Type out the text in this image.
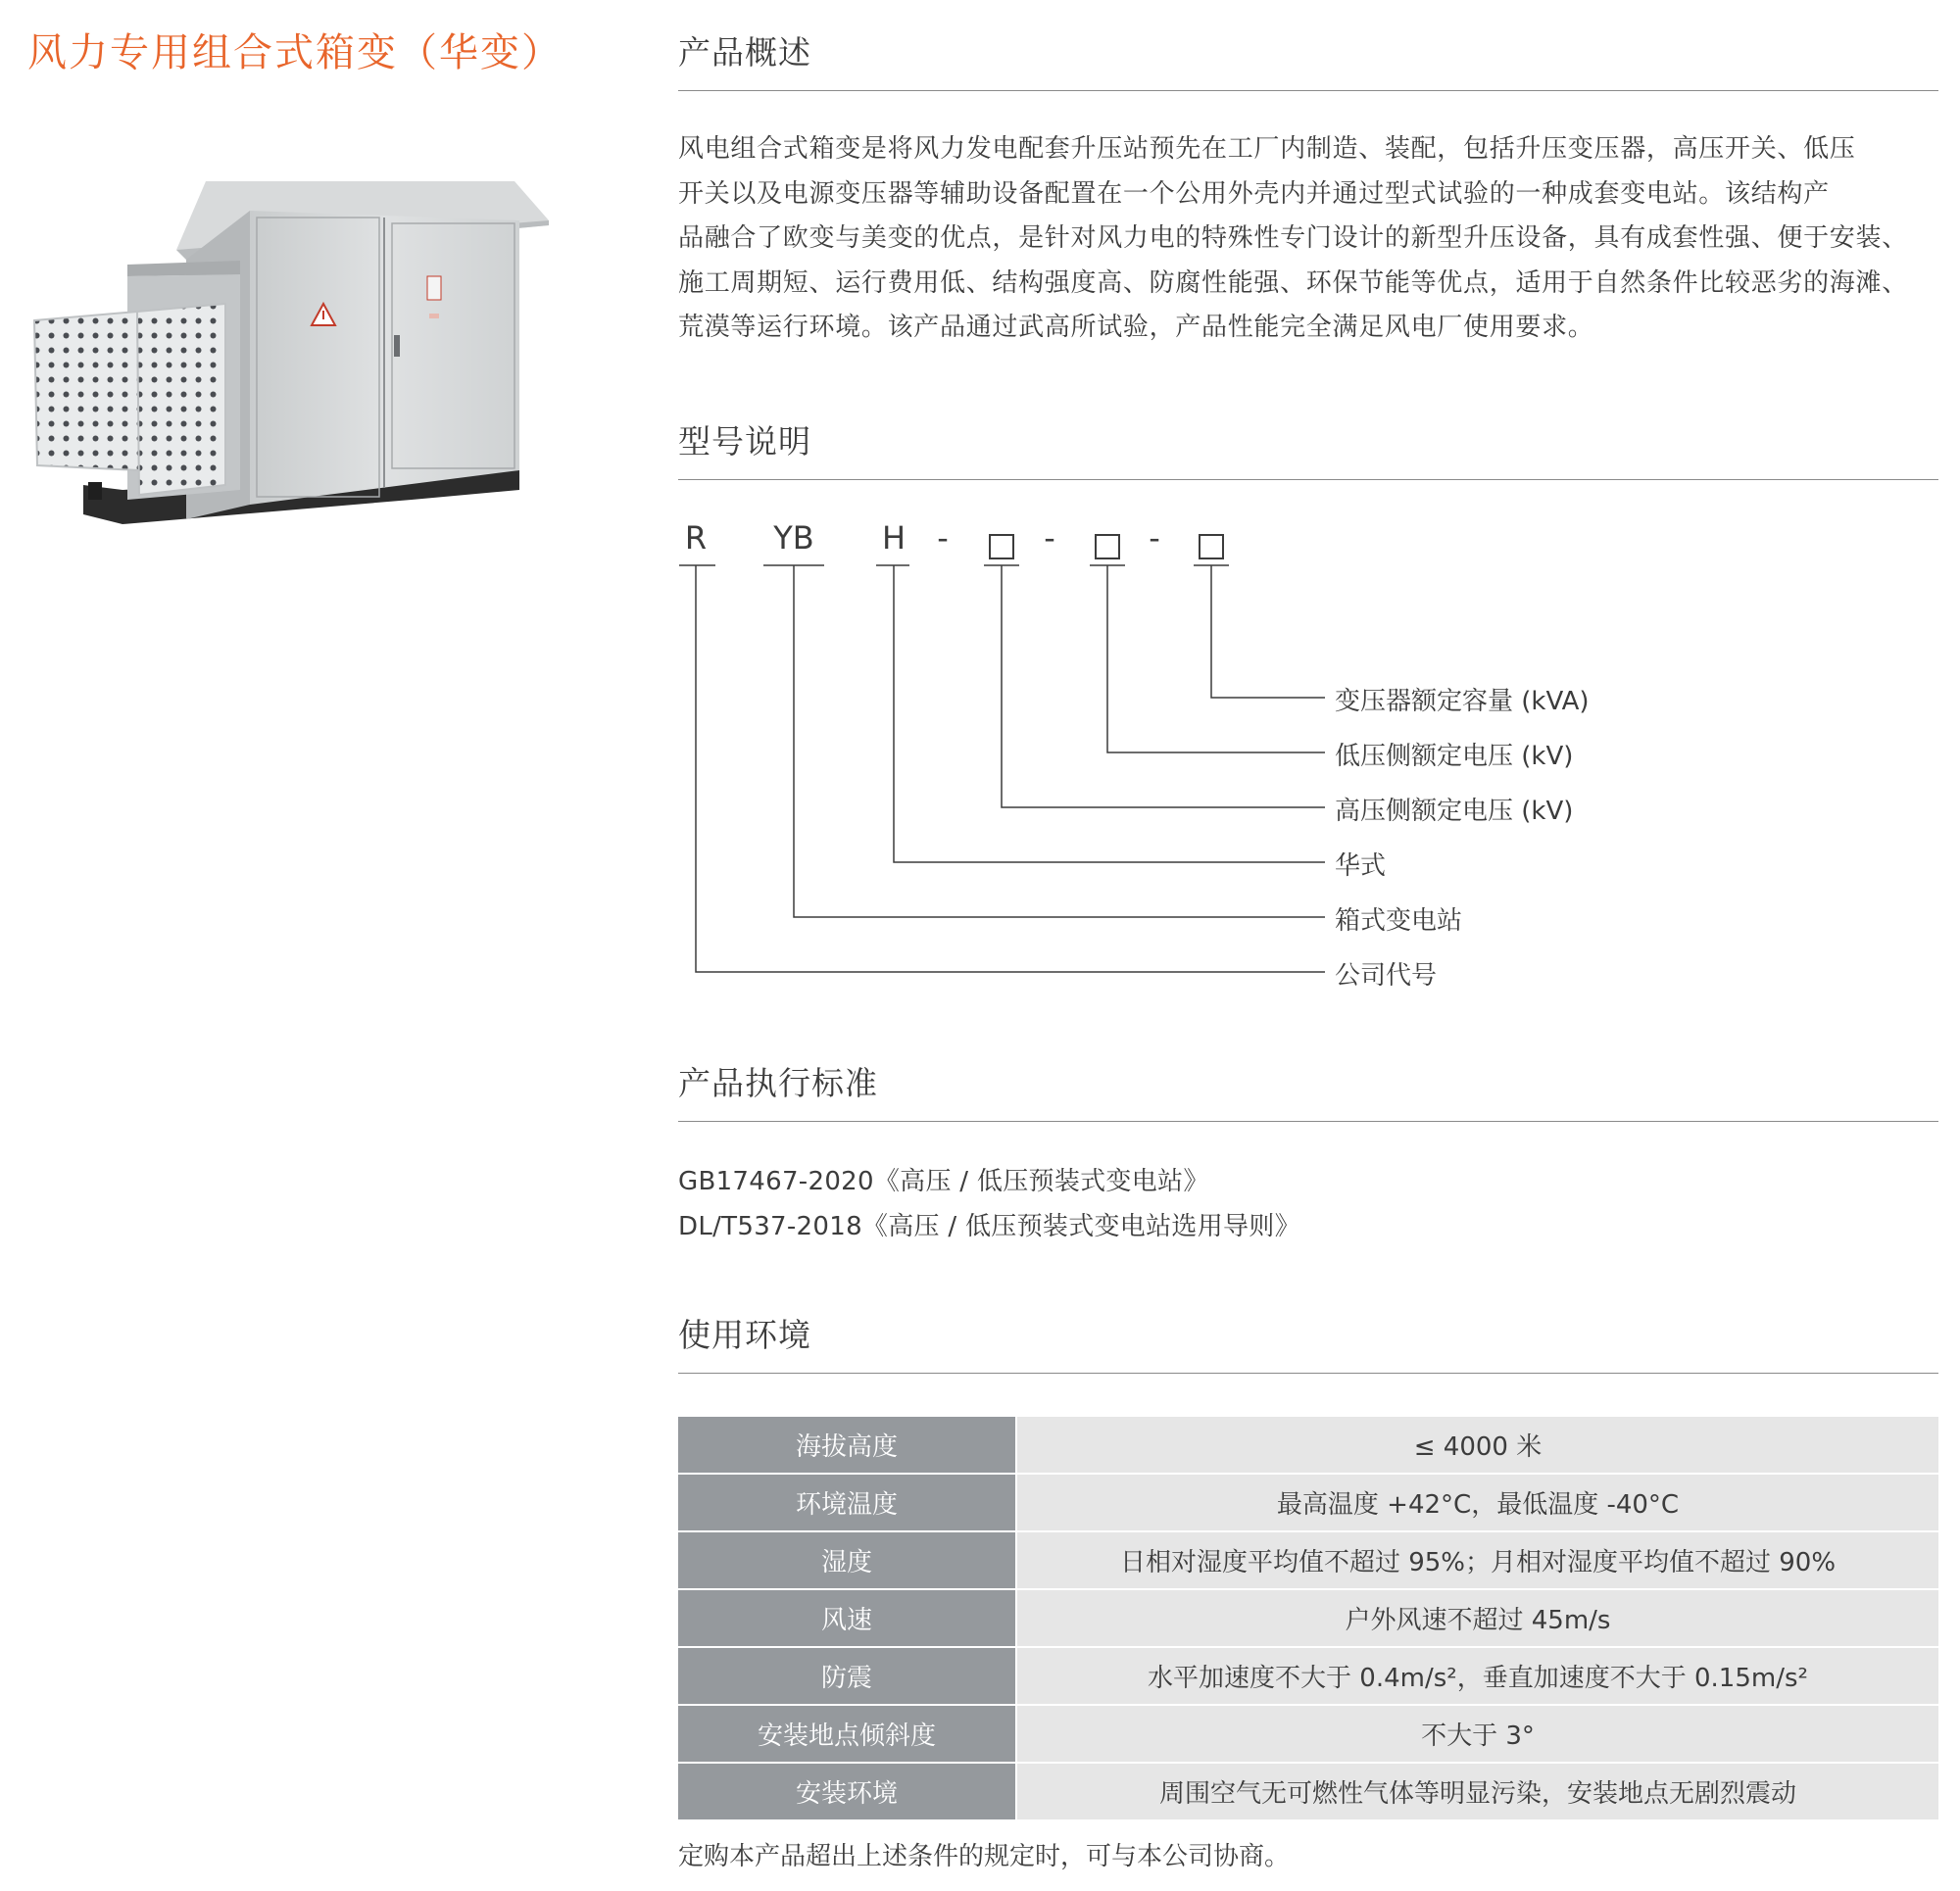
风力专用组合式箱变（华变）	产品概述
风电组合式箱变是将风力发电配套升压站预先在工厂内制造、装配，包括升压变压器，高压开关、低压
开关以及电源变压器等辅助设备配置在一个公用外壳内并通过型式试验的一种成套变电站。该结构产
品融合了欧变与美变的优点，是针对风力电的特殊性专门设计的新型升压设备，具有成套性强、便于安装、
施工周期短、运行费用低、结构强度高、防腐性能强、环保节能等优点，适用于自然条件比较恶劣的海滩、
荒漠等运行环境。该产品通过武高所试验，产品性能完全满足风电厂使用要求。
型号说明
R YB H -	-	-
变压器额定容量 (kVA)
低压侧额定电压 (kV)
高压侧额定电压 (kV)
华式
箱式变电站
公司代号
产品执行标准
GB17467-2020《高压 / 低压预装式变电站》
DL/T537-2018《高压 / 低压预装式变电站选用导则》
使用环境
海拔高度	≤ 4000 米
环境温度	最高温度 +42°C，最低温度 -40°C
湿度	日相对湿度平均值不超过 95%；月相对湿度平均值不超过 90%
风速	户外风速不超过 45m/s
防震	水平加速度不大于 0.4m/s²，垂直加速度不大于 0.15m/s²
安装地点倾斜度	不大于 3°
安装环境	周围空气无可燃性气体等明显污染，安装地点无剧烈震动
定购本产品超出上述条件的规定时，可与本公司协商。
